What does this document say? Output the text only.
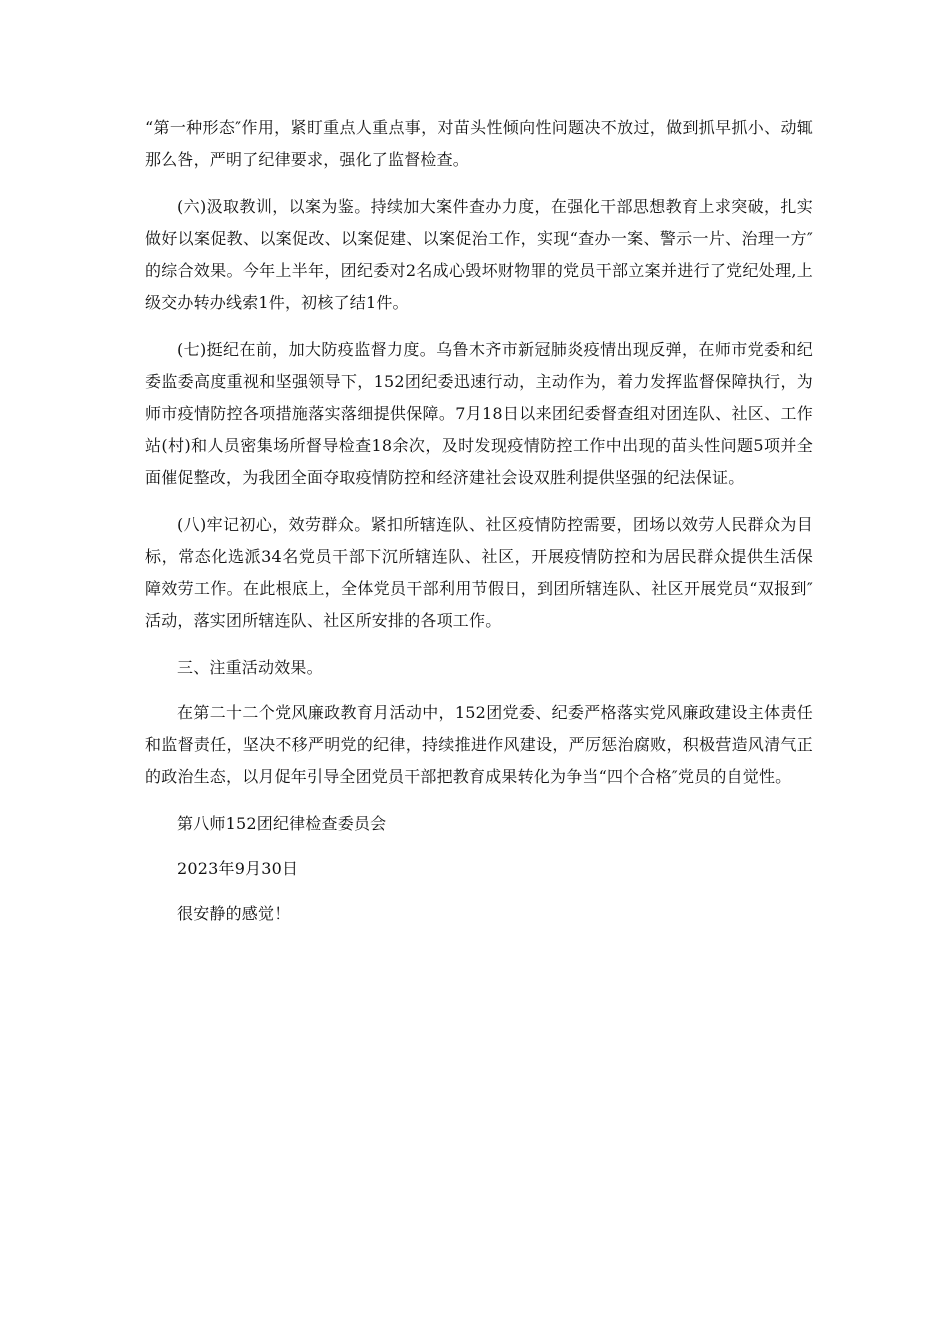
“第一种形态″作用，紧盯重点人重点事，对苗头性倾向性问题决不放过，做到抓早抓小、动辄那么咎，严明了纪律要求，强化了监督检查。

(六)汲取教训，以案为鉴。持续加大案件查办力度，在强化干部思想教育上求突破，扎实做好以案促教、以案促改、以案促建、以案促治工作，实现“查办一案、警示一片、治理一方″的综合效果。今年上半年，团纪委对2名成心毁坏财物罪的党员干部立案并进行了党纪处理,上级交办转办线索1件，初核了结1件。

(七)挺纪在前，加大防疫监督力度。乌鲁木齐市新冠肺炎疫情出现反弹，在师市党委和纪委监委高度重视和坚强领导下，152团纪委迅速行动，主动作为，着力发挥监督保障执行，为师市疫情防控各项措施落实落细提供保障。7月18日以来团纪委督查组对团连队、社区、工作站(村)和人员密集场所督导检查18余次，及时发现疫情防控工作中出现的苗头性问题5项并全面催促整改，为我团全面夺取疫情防控和经济建社会设双胜利提供坚强的纪法保证。

(八)牢记初心，效劳群众。紧扣所辖连队、社区疫情防控需要，团场以效劳人民群众为目标，常态化选派34名党员干部下沉所辖连队、社区，开展疫情防控和为居民群众提供生活保障效劳工作。在此根底上，全体党员干部利用节假日，到团所辖连队、社区开展党员“双报到″活动，落实团所辖连队、社区所安排的各项工作。

三、注重活动效果。

在第二十二个党风廉政教育月活动中，152团党委、纪委严格落实党风廉政建设主体责任和监督责任，坚决不移严明党的纪律，持续推进作风建设，严厉惩治腐败，积极营造风清气正的政治生态，以月促年引导全团党员干部把教育成果转化为争当“四个合格″党员的自觉性。

第八师152团纪律检查委员会

2023年9月30日

很安静的感觉！
